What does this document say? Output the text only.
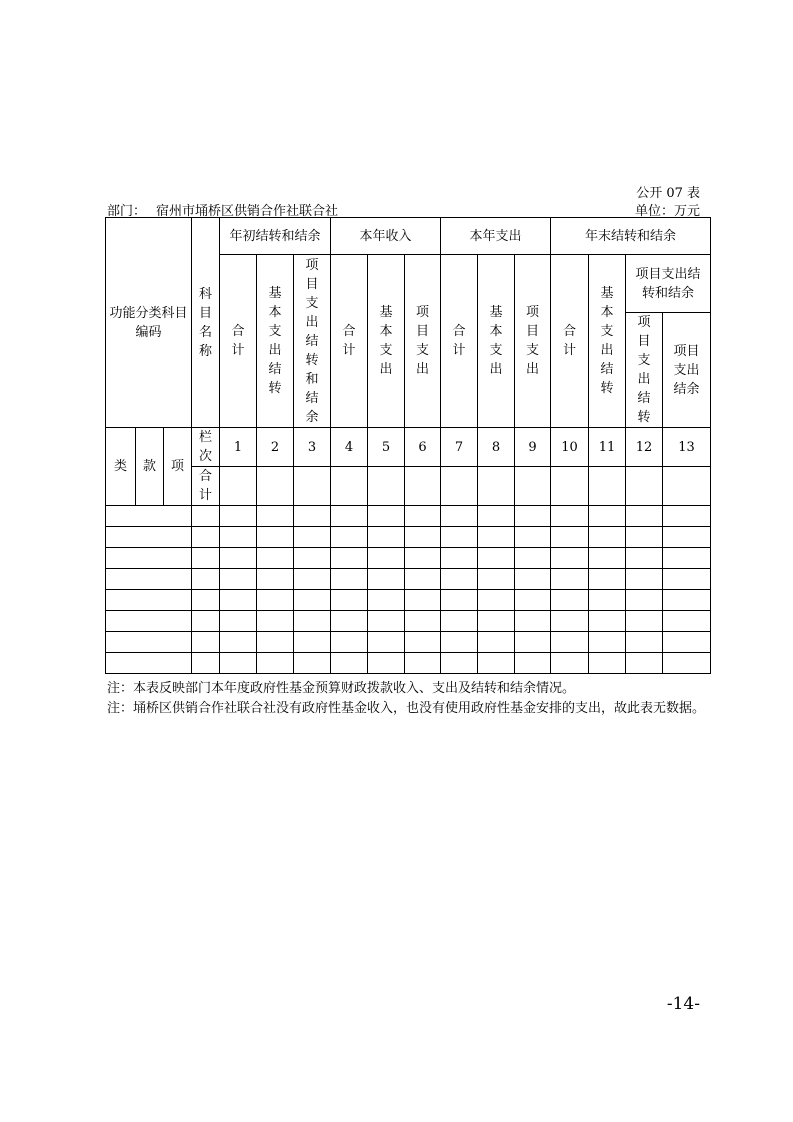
公开 07 表
部门： 宿州市埇桥区供销合作社联合社	单位：万元
功能分类科目编码			科目名称	年初结转和结余			本年收入			本年支出			年末结转和结余			
				合计	基本支出结转	项目支出结转和结余	合计	基本支出	项目支出	合计	基本支出	项目支出	合计	基本支出结转	项目支出结转和结余	
															项目支出结转	项目支出结余

类	款	项	栏次	1	2	3	4	5	6	7	8	9	10	11	12	13
			合计													

注：本表反映部门本年度政府性基金预算财政拨款收入、支出及结转和结余情况。

注：埇桥区供销合作社联合社没有政府性基金收入，也没有使用政府性基金安排的支出，故此表无数据。

-14-
